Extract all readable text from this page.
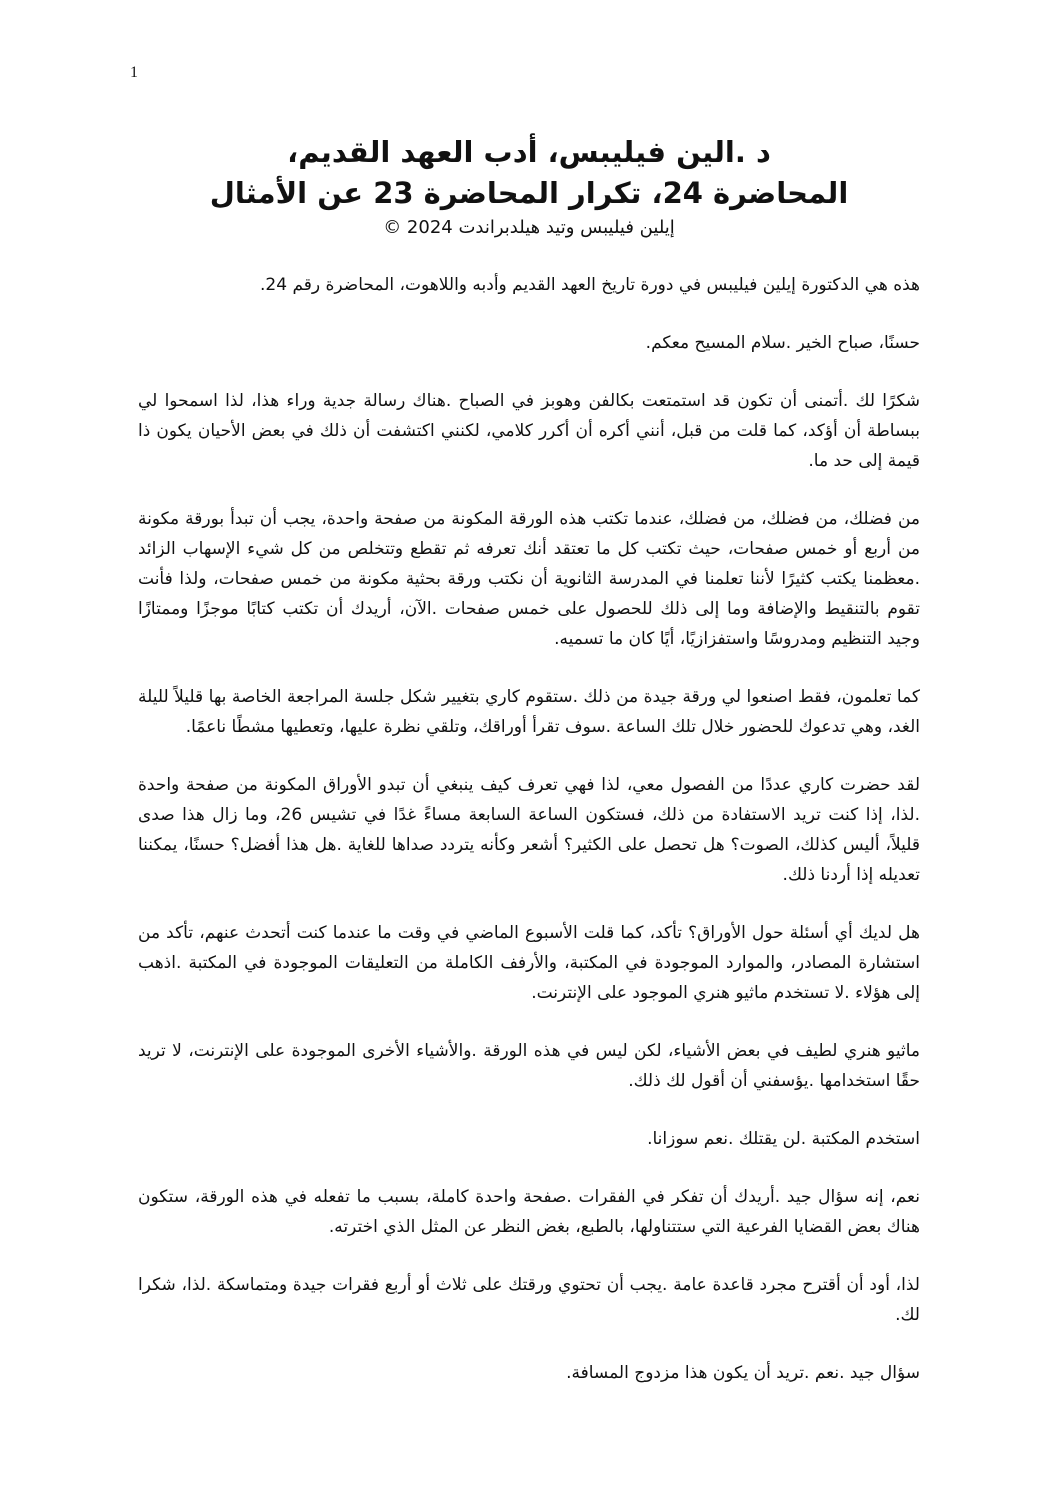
1
د .الين فيليبس، أدب العهد القديم،
المحاضرة 24، تكرار المحاضرة 23 عن الأمثال
إيلين فيليبس وتيد هيلدبراندت 2024 ©

هذه هي الدكتورة إيلين فيليبس في دورة تاريخ العهد القديم وأدبه واللاهوت، المحاضرة رقم 24.

حسنًا، صباح الخير .سلام المسيح معكم.

شكرًا لك .أتمنى أن تكون قد استمتعت بكالفن وهوبز في الصباح .هناك رسالة جدية وراء هذا، لذا اسمحوا لي ببساطة أن أؤكد، كما قلت من قبل، أنني أكره أن أكرر كلامي، لكنني اكتشفت أن ذلك في بعض الأحيان يكون ذا قيمة إلى حد ما.

من فضلك، من فضلك، من فضلك، عندما تكتب هذه الورقة المكونة من صفحة واحدة، يجب أن تبدأ بورقة مكونة من أربع أو خمس صفحات، حيث تكتب كل ما تعتقد أنك تعرفه ثم تقطع وتتخلص من كل شيء الإسهاب الزائد .معظمنا يكتب كثيرًا لأننا تعلمنا في المدرسة الثانوية أن نكتب ورقة بحثية مكونة من خمس صفحات، ولذا فأنت تقوم بالتنقيط والإضافة وما إلى ذلك للحصول على خمس صفحات .الآن، أريدك أن تكتب كتابًا موجزًا وممتازًا وجيد التنظيم ومدروسًا واستفزازيًا، أيًا كان ما تسميه.

كما تعلمون، فقط اصنعوا لي ورقة جيدة من ذلك .ستقوم كاري بتغيير شكل جلسة المراجعة الخاصة بها قليلاً لليلة الغد، وهي تدعوك للحضور خلال تلك الساعة .سوف تقرأ أوراقك، وتلقي نظرة عليها، وتعطيها مشطًا ناعمًا.

لقد حضرت كاري عددًا من الفصول معي، لذا فهي تعرف كيف ينبغي أن تبدو الأوراق المكونة من صفحة واحدة .لذا، إذا كنت تريد الاستفادة من ذلك، فستكون الساعة السابعة مساءً غدًا في تشيس 26، وما زال هذا صدى قليلاً، أليس كذلك، الصوت؟ هل تحصل على الكثير؟ أشعر وكأنه يتردد صداها للغاية .هل هذا أفضل؟ حسنًا، يمكننا تعديله إذا أردنا ذلك.

هل لديك أي أسئلة حول الأوراق؟ تأكد، كما قلت الأسبوع الماضي في وقت ما عندما كنت أتحدث عنهم، تأكد من استشارة المصادر، والموارد الموجودة في المكتبة، والأرفف الكاملة من التعليقات الموجودة في المكتبة .اذهب إلى هؤلاء .لا تستخدم ماثيو هنري الموجود على الإنترنت.

ماثيو هنري لطيف في بعض الأشياء، لكن ليس في هذه الورقة .والأشياء الأخرى الموجودة على الإنترنت، لا تريد حقًا استخدامها .يؤسفني أن أقول لك ذلك.

استخدم المكتبة .لن يقتلك .نعم سوزانا.

نعم، إنه سؤال جيد .أريدك أن تفكر في الفقرات .صفحة واحدة كاملة، بسبب ما تفعله في هذه الورقة، ستكون هناك بعض القضايا الفرعية التي ستتناولها، بالطبع، بغض النظر عن المثل الذي اخترته.

لذا، أود أن أقترح مجرد قاعدة عامة .يجب أن تحتوي ورقتك على ثلاث أو أربع فقرات جيدة ومتماسكة .لذا، شكرا لك.

سؤال جيد .نعم .تريد أن يكون هذا مزدوج المسافة.
